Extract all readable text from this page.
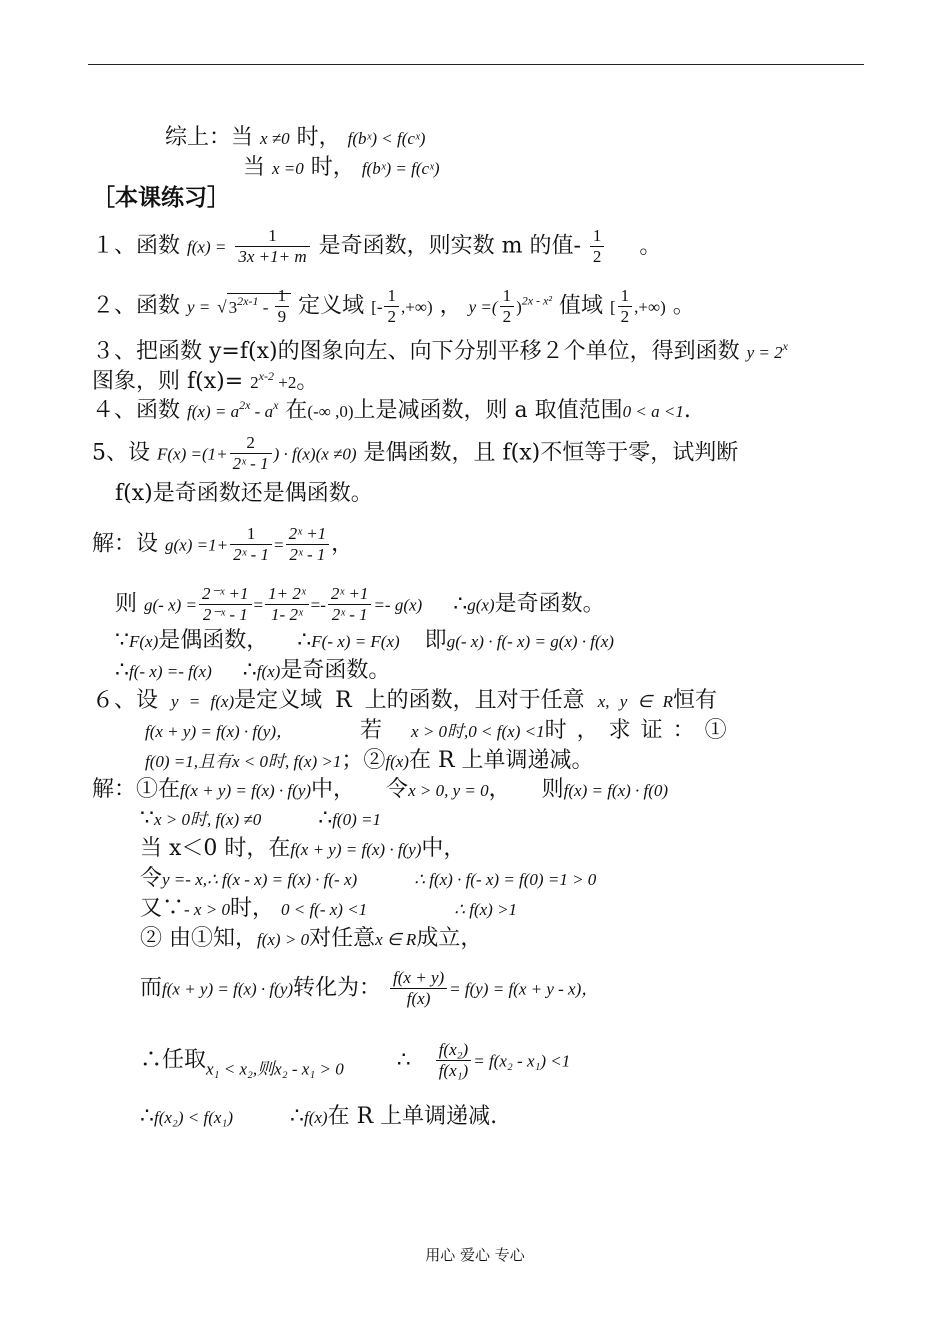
综上：当 x ≠0 时， f(bˣ) < f(cˣ)
当 x =0 时， f(bˣ) = f(cˣ)
［本课练习］
１、函数 $f(x) = \frac{1}{3x +1+ m}$ 是奇函数，则实数 m 的值- $\frac{1}{2}$ 。
２、函数 y = √ $3^{2x-1} - \frac{1}{9}$ 定义域 [- $\frac{1}{2}$ ,+∞) ， y =( $\frac{1}{2} )^{2x - x^2}$ 值域 [ $\frac{1}{2}$ ,+∞) 。
３、把函数 y=f(x)的图象向左、向下分别平移２个单位，得到函数 $y = 2^x$
图象，则 $f(x)= 2^{x-2} +2$。
４、函数 $f(x) = a^{2x} - a^x$ 在(-∞ ,0)上是减函数，则 a 取值范围0 < a <1.
5、设 $F(x) =(1+ \frac{2}{\text{2ˣ - 1}}$ ) · f(x)(x ≠0) 是偶函数，且 f(x)不恒等于零，试判断
f(x)是奇函数还是偶函数。
解：设 $g(x) =1+ \frac{1}{\text{2ˣ - 1}} = \frac{\text{2ˣ +1}}{\text{2ˣ - 1}}$ ，
则 g(- $x) = \frac{\text{2⁻ˣ +1}}{\text{2⁻ˣ - 1}} = \frac{\text{1+ 2ˣ}}{\text{1- 2ˣ}} =- \frac{\text{2ˣ +1}}{\text{2ˣ - 1}} =- g(x)$ ∴g(x)是奇函数。
∵F(x)是偶函数， ∴F(- x) = F(x) 即g(- x) · f(- x) = g(x) · f(x)
∴f(- x) =- f(x) ∴f(x)是奇函数。
６、设 y = f(x)是定义域 R 上的函数，且对于任意 x, y ∈ R恒有
f(x + y) = f(x) · f(y)，	若 x > 0时,0 < f(x) <1时，求证：①
f(0) =1,且有x < 0时, f(x) >1；②f(x)在 R 上单调递减。
解：①在f(x + y) = f(x) · f(y)中， 令x > 0, y = 0， 则f(x) = f(x) · f(0)
∵x > 0时, f(x) ≠0	∴f(0) =1
当 x＜0 时，在f(x + y) = f(x) · f(y)中，
令y =- x,∴ f(x - x) = f(x) · f(- x)	∴ f(x) · f(- x) = f(0) =1 > 0
又∵- x > 0时， 0 < f(- x) <1	∴ f(x) >1
② 由①知，f(x) > 0对任意x ∈ R成立，
而f(x + y) = f(x) · f(y)转化为： $\frac{f(x + y)}{f(x)} = f(y) = f(x + y - x)$，
∴任取$_{x_1 < x_2,则x_2 - x_1 > 0}$ ∴ $\frac{\text{f(x₂)}}{\text{f(x₁)}} = f(x_2 - x_1) <1$
∴f(x₂) < f(x₁)	∴f(x)在 R 上单调递减.
用心 爱心 专心
